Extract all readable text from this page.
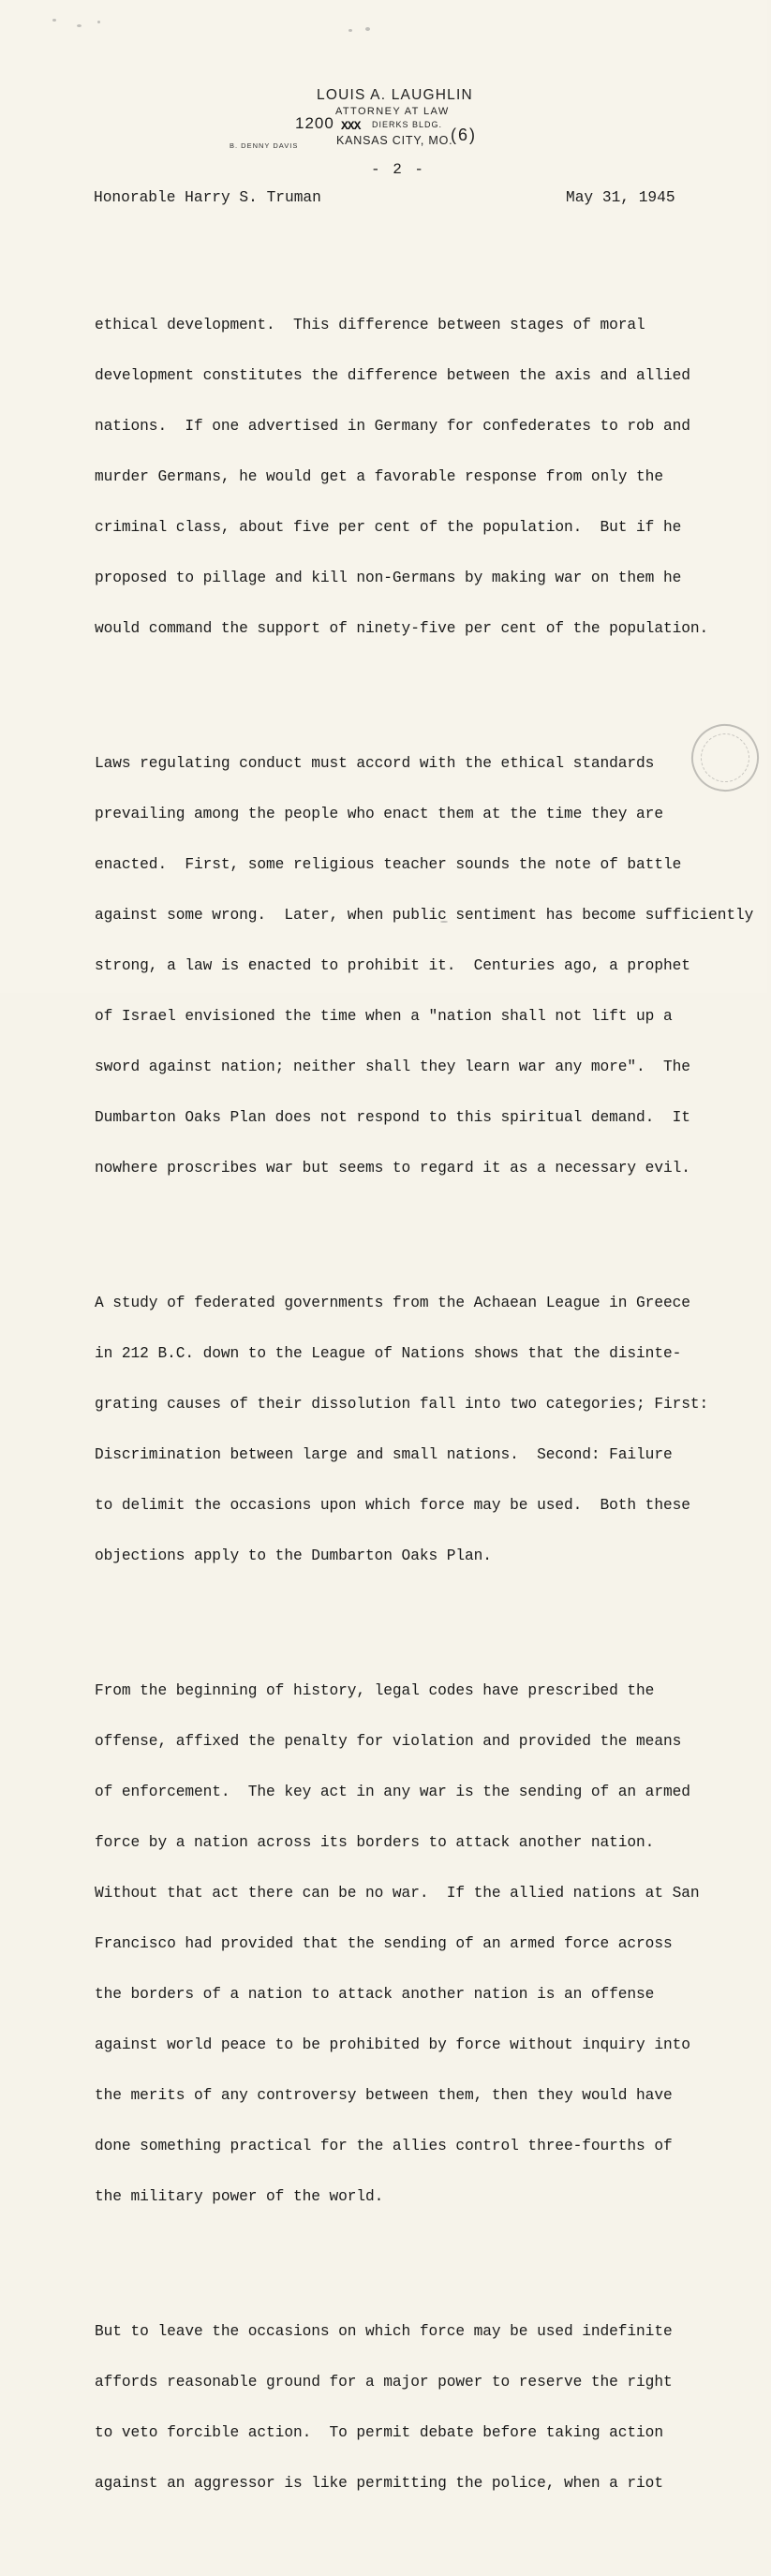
LOUIS A. LAUGHLIN
ATTORNEY AT LAW
1200 XXX DIERKS BLDG.
KANSAS CITY, MO.
(6)
B. DENNY DAVIS
- 2 -
Honorable Harry S. Truman	May 31, 1945

ethical development.  This difference between stages of moral

development constitutes the difference between the axis and allied

nations.  If one advertised in Germany for confederates to rob and

murder Germans, he would get a favorable response from only the

criminal class, about five per cent of the population.  But if he

proposed to pillage and kill non-Germans by making war on them he

would command the support of ninety-five per cent of the population.

Laws regulating conduct must accord with the ethical standards

prevailing among the people who enact them at the time they are

enacted.  First, some religious teacher sounds the note of battle

against some wrong.  Later, when public sentiment has become sufficiently

strong, a law is enacted to prohibit it.  Centuries ago, a prophet

of Israel envisioned the time when a "nation shall not lift up a

sword against nation; neither shall they learn war any more".  The

Dumbarton Oaks Plan does not respond to this spiritual demand.  It

nowhere proscribes war but seems to regard it as a necessary evil.

A study of federated governments from the Achaean League in Greece

in 212 B.C. down to the League of Nations shows that the disinte-

grating causes of their dissolution fall into two categories; First:

Discrimination between large and small nations.  Second: Failure

to delimit the occasions upon which force may be used.  Both these

objections apply to the Dumbarton Oaks Plan.

From the beginning of history, legal codes have prescribed the

offense, affixed the penalty for violation and provided the means

of enforcement.  The key act in any war is the sending of an armed

force by a nation across its borders to attack another nation.

Without that act there can be no war.  If the allied nations at San

Francisco had provided that the sending of an armed force across

the borders of a nation to attack another nation is an offense

against world peace to be prohibited by force without inquiry into

the merits of any controversy between them, then they would have

done something practical for the allies control three-fourths of

the military power of the world.

But to leave the occasions on which force may be used indefinite

affords reasonable ground for a major power to reserve the right

to veto forcible action.  To permit debate before taking action

against an aggressor is like permitting the police, when a riot
